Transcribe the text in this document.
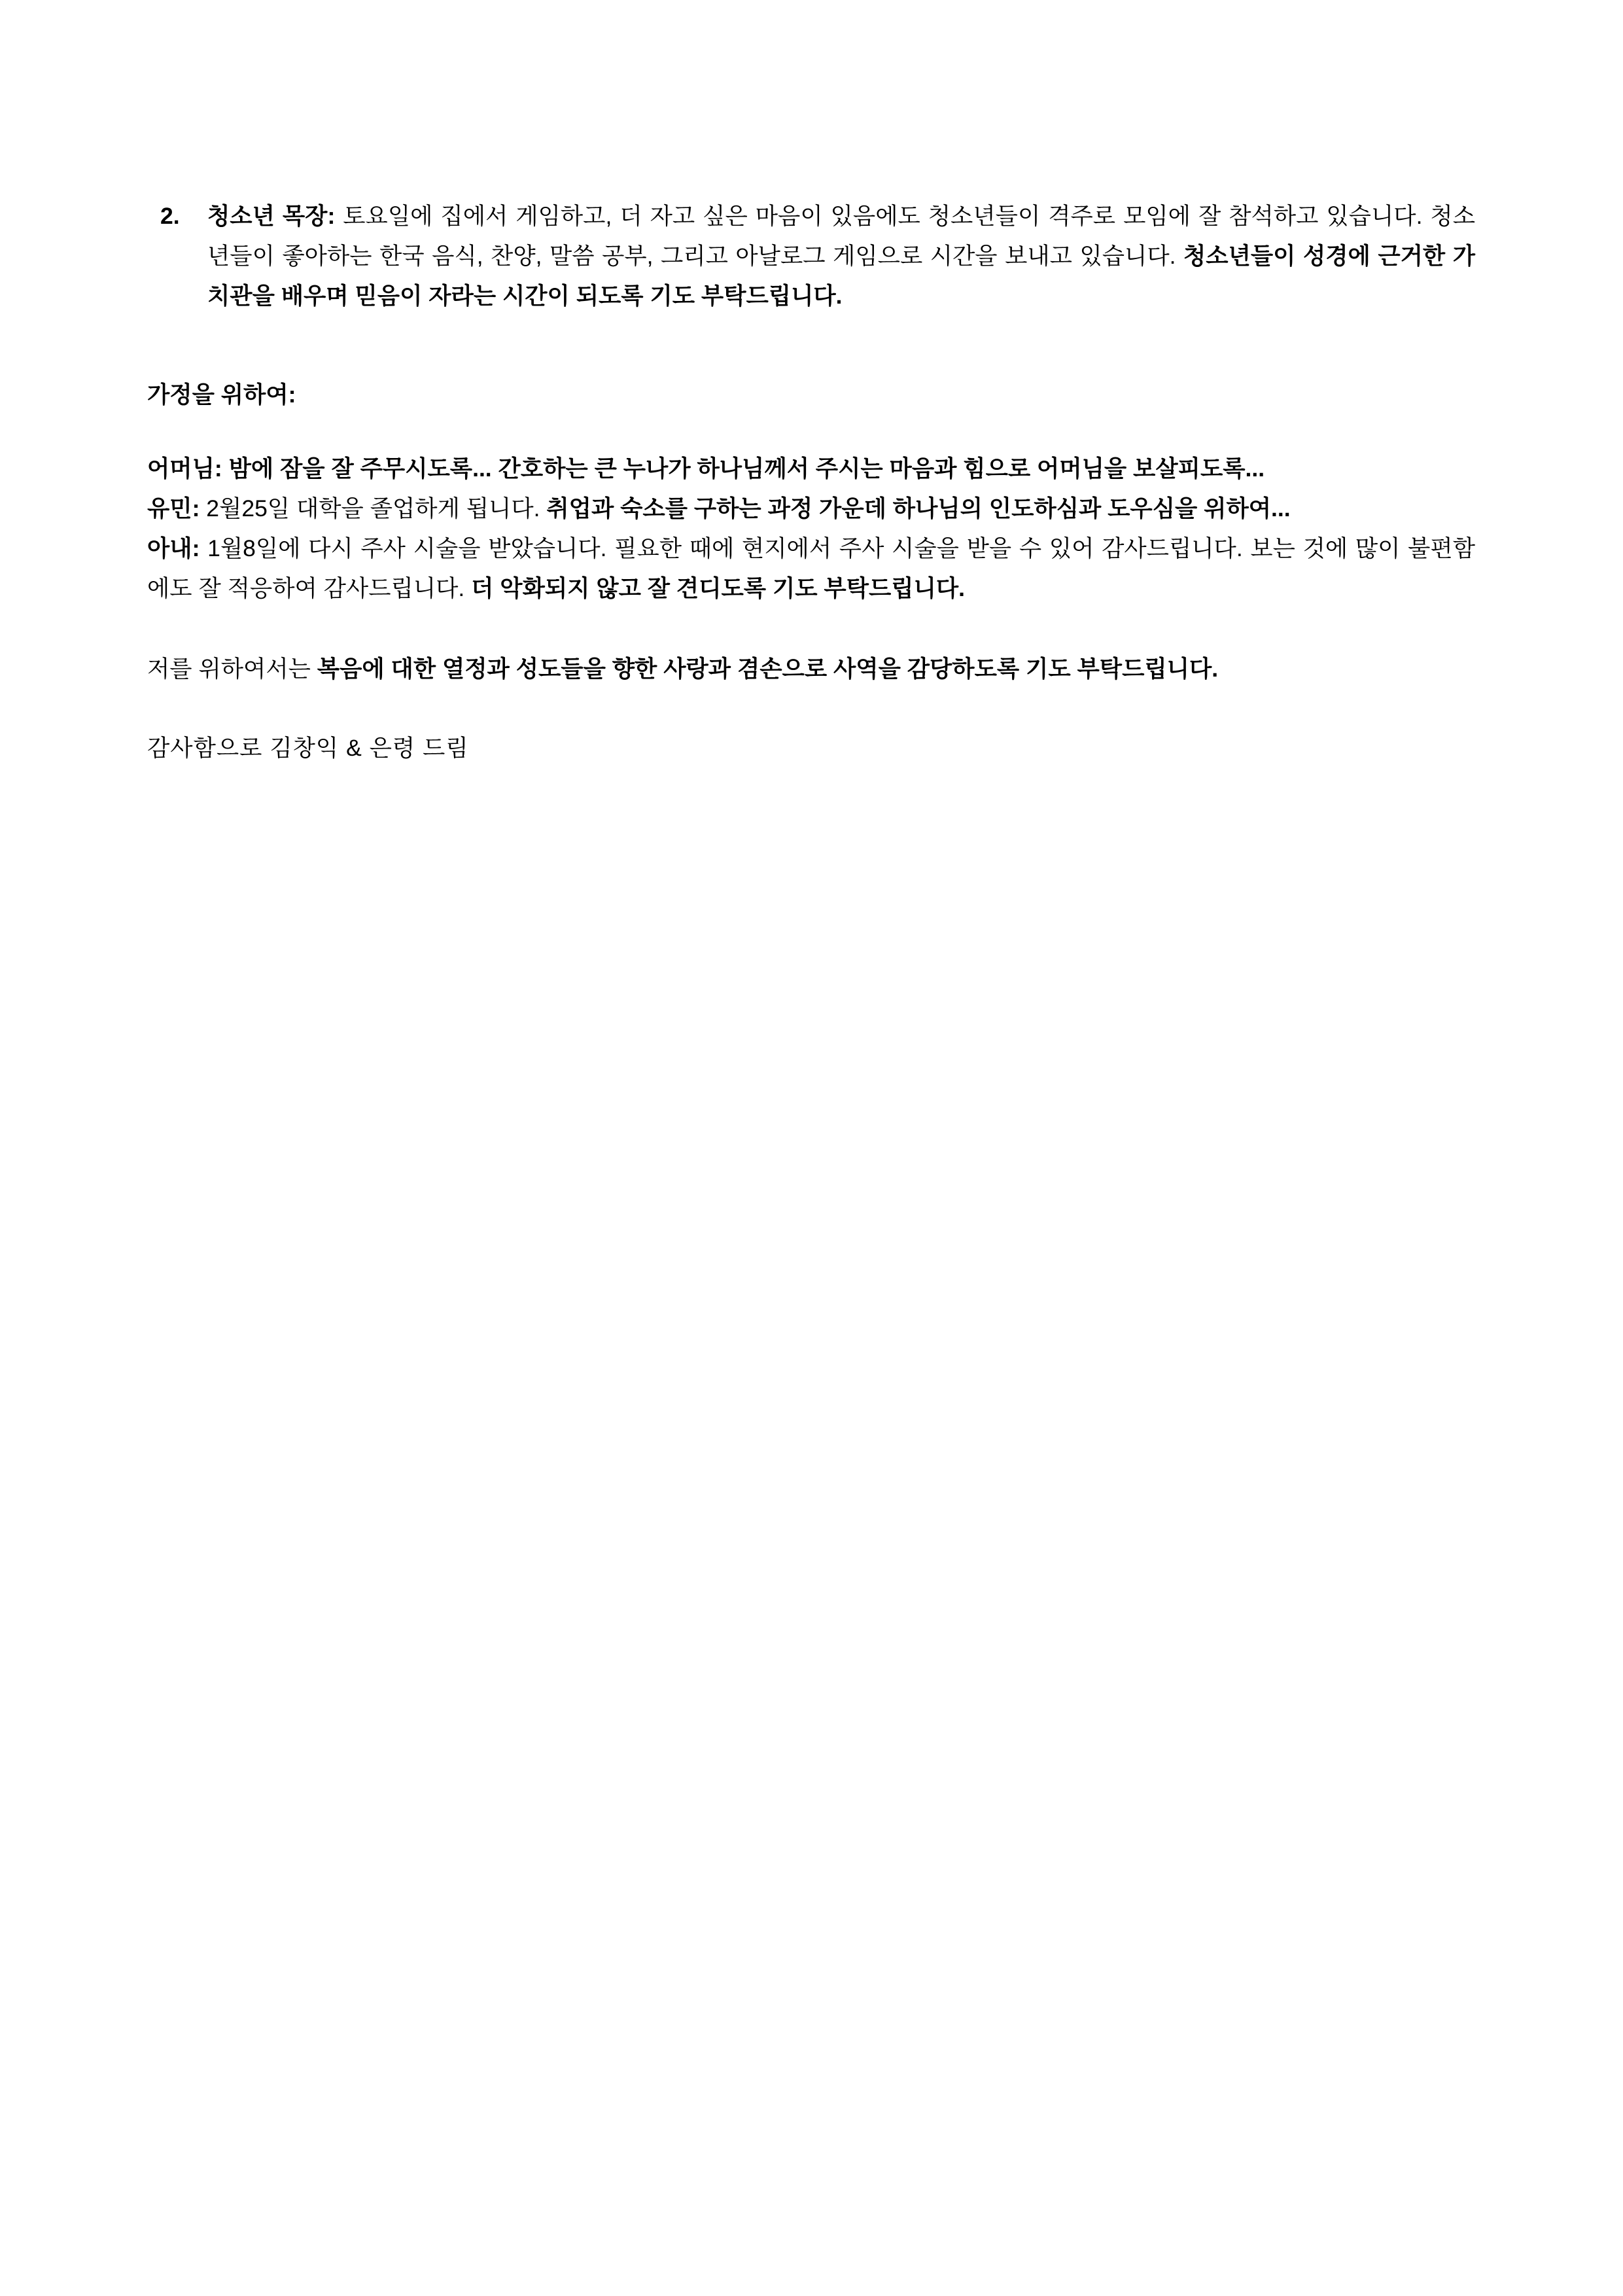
2.	청소년 목장: 토요일에 집에서 게임하고, 더 자고 싶은 마음이 있음에도 청소년들이 격주로 모임에 잘 참석하고 있습니다. 청소년들이 좋아하는 한국 음식, 찬양, 말씀 공부, 그리고 아날로그 게임으로 시간을 보내고 있습니다. 청소년들이 성경에 근거한 가치관을 배우며 믿음이 자라는 시간이 되도록 기도 부탁드립니다.

가정을 위하여:

어머님: 밤에 잠을 잘 주무시도록... 간호하는 큰 누나가 하나님께서 주시는 마음과 힘으로 어머님을 보살피도록...

유민: 2월25일 대학을 졸업하게 됩니다. 취업과 숙소를 구하는 과정 가운데 하나님의 인도하심과 도우심을 위하여...

아내: 1월8일에 다시 주사 시술을 받았습니다. 필요한 때에 현지에서 주사 시술을 받을 수 있어 감사드립니다. 보는 것에 많이 불편함에도 잘 적응하여 감사드립니다. 더 악화되지 않고 잘 견디도록 기도 부탁드립니다.

저를 위하여서는 복음에 대한 열정과 성도들을 향한 사랑과 겸손으로 사역을 감당하도록 기도 부탁드립니다.

감사함으로 김창익 & 은령 드림
